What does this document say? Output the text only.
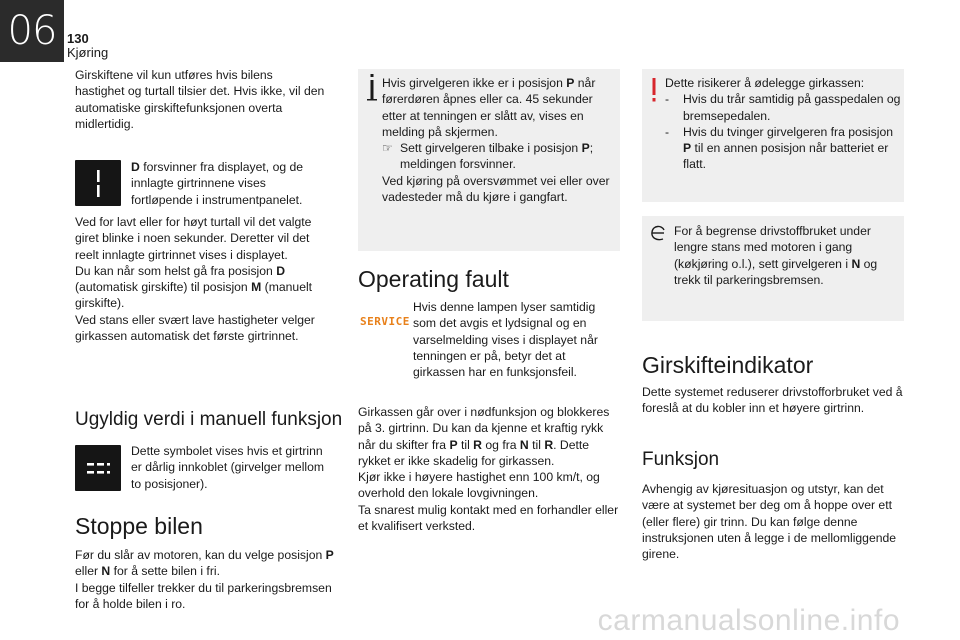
06 130
Kjøring
Girskiftene vil kun utføres hvis bilens hastighet og turtall tilsier det. Hvis ikke, vil den automatiske girskiftefunksjonen overta midlertidig.
D forsvinner fra displayet, og de innlagte girtrinnene vises fortløpende i instrumentpanelet.
Ved for lavt eller for høyt turtall vil det valgte giret blinke i noen sekunder. Deretter vil det reelt innlagte girtrinnet vises i displayet.
Du kan når som helst gå fra posisjon D (automatisk girskifte) til posisjon M (manuelt girskifte).
Ved stans eller svært lave hastigheter velger girkassen automatisk det første girtrinnet.
Ugyldig verdi i manuell funksjon
Dette symbolet vises hvis et girtrinn er dårlig innkoblet (girvelger mellom to posisjoner).
Stoppe bilen
Før du slår av motoren, kan du velge posisjon P eller N for å sette bilen i fri.
I begge tilfeller trekker du til parkeringsbremsen for å holde bilen i ro.
Hvis girvelgeren ikke er i posisjon P når førerdøren åpnes eller ca. 45 sekunder etter at tenningen er slått av, vises en melding på skjermen.
☞ Sett girvelgeren tilbake i posisjon P; meldingen forsvinner.
Ved kjøring på oversvømmet vei eller over vadesteder må du kjøre i gangfart.
Operating fault
SERVICE
Hvis denne lampen lyser samtidig som det avgis et lydsignal og en varselmelding vises i displayet når tenningen er på, betyr det at girkassen har en funksjonsfeil.
Girkassen går over i nødfunksjon og blokkeres på 3. girtrinn. Du kan da kjenne et kraftig rykk når du skifter fra P til R og fra N til R. Dette rykket er ikke skadelig for girkassen.
Kjør ikke i høyere hastighet enn 100 km/t, og overhold den lokale lovgivningen.
Ta snarest mulig kontakt med en forhandler eller et kvalifisert verksted.
Dette risikerer å ødelegge girkassen:
- Hvis du trår samtidig på gasspedalen og bremsepedalen.
- Hvis du tvinger girvelgeren fra posisjon P til en annen posisjon når batteriet er flatt.
For å begrense drivstoffbruket under lengre stans med motoren i gang (køkjøring o.l.), sett girvelgeren i N og trekk til parkeringsbremsen.
Girskifteindikator
Dette systemet reduserer drivstofforbruket ved å foreslå at du kobler inn et høyere girtrinn.
Funksjon
Avhengig av kjøresituasjon og utstyr, kan det være at systemet ber deg om å hoppe over ett (eller flere) gir trinn. Du kan følge denne instruksjonen uten å legge i de mellomliggende girene.
carmanualsonline.info
